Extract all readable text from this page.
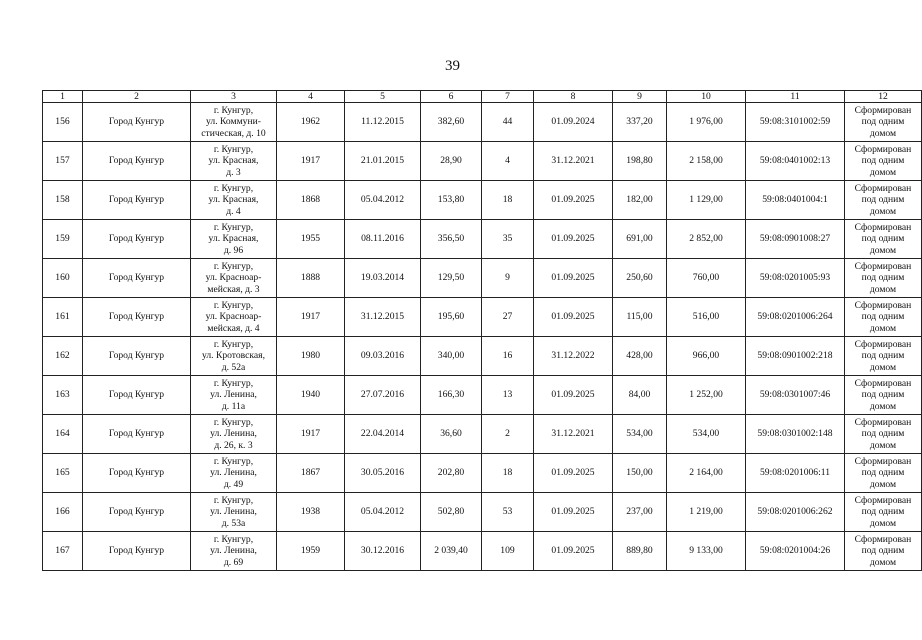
39
1	2	3	4	5	6	7	8	9	10	11	12
156	Город Кунгур	г. Кунгур,
ул. Коммуни-
стическая, д. 10	1962	11.12.2015	382,60	44	01.09.2024	337,20	1 976,00	59:08:3101002:59	Сформирован
под одним
домом
157	Город Кунгур	г. Кунгур,
ул. Красная,
д. 3	1917	21.01.2015	28,90	4	31.12.2021	198,80	2 158,00	59:08:0401002:13	Сформирован
под одним
домом
158	Город Кунгур	г. Кунгур,
ул. Красная,
д. 4	1868	05.04.2012	153,80	18	01.09.2025	182,00	1 129,00	59:08:0401004:1	Сформирован
под одним
домом
159	Город Кунгур	г. Кунгур,
ул. Красная,
д. 96	1955	08.11.2016	356,50	35	01.09.2025	691,00	2 852,00	59:08:0901008:27	Сформирован
под одним
домом
160	Город Кунгур	г. Кунгур,
ул. Красноар-
мейская, д. 3	1888	19.03.2014	129,50	9	01.09.2025	250,60	760,00	59:08:0201005:93	Сформирован
под одним
домом
161	Город Кунгур	г. Кунгур,
ул. Красноар-
мейская, д. 4	1917	31.12.2015	195,60	27	01.09.2025	115,00	516,00	59:08:0201006:264	Сформирован
под одним
домом
162	Город Кунгур	г. Кунгур,
ул. Кротовская,
д. 52а	1980	09.03.2016	340,00	16	31.12.2022	428,00	966,00	59:08:0901002:218	Сформирован
под одним
домом
163	Город Кунгур	г. Кунгур,
ул. Ленина,
д. 11а	1940	27.07.2016	166,30	13	01.09.2025	84,00	1 252,00	59:08:0301007:46	Сформирован
под одним
домом
164	Город Кунгур	г. Кунгур,
ул. Ленина,
д. 26, к. 3	1917	22.04.2014	36,60	2	31.12.2021	534,00	534,00	59:08:0301002:148	Сформирован
под одним
домом
165	Город Кунгур	г. Кунгур,
ул. Ленина,
д. 49	1867	30.05.2016	202,80	18	01.09.2025	150,00	2 164,00	59:08:0201006:11	Сформирован
под одним
домом
166	Город Кунгур	г. Кунгур,
ул. Ленина,
д. 53а	1938	05.04.2012	502,80	53	01.09.2025	237,00	1 219,00	59:08:0201006:262	Сформирован
под одним
домом
167	Город Кунгур	г. Кунгур,
ул. Ленина,
д. 69	1959	30.12.2016	2 039,40	109	01.09.2025	889,80	9 133,00	59:08:0201004:26	Сформирован
под одним
домом
